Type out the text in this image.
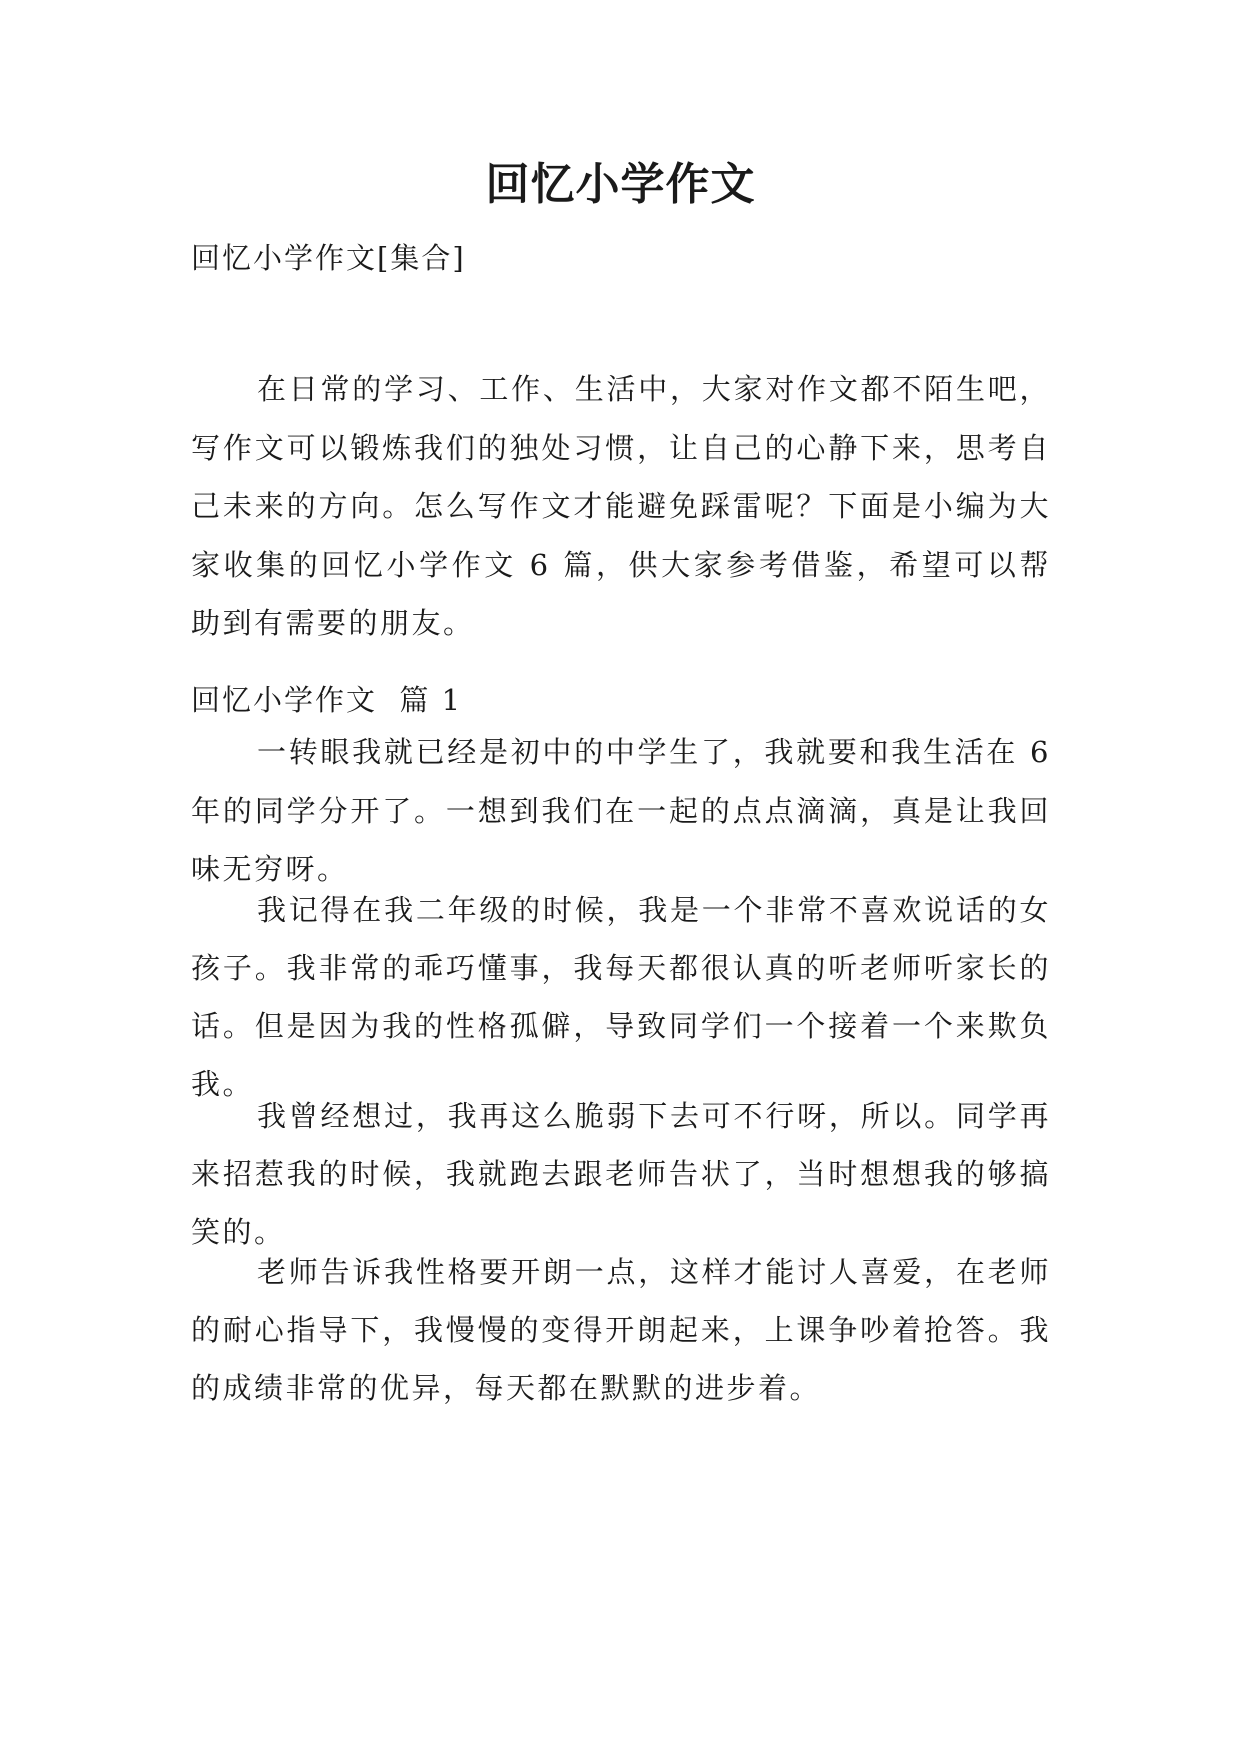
回忆小学作文

回忆小学作文[集合]

在日常的学习、工作、生活中，大家对作文都不陌生吧，写作文可以锻炼我们的独处习惯，让自己的心静下来，思考自己未来的方向。怎么写作文才能避免踩雷呢？下面是小编为大家收集的回忆小学作文 6 篇，供大家参考借鉴，希望可以帮助到有需要的朋友。

回忆小学作文  篇 1

一转眼我就已经是初中的中学生了，我就要和我生活在 6 年的同学分开了。一想到我们在一起的点点滴滴，真是让我回味无穷呀。

我记得在我二年级的时候，我是一个非常不喜欢说话的女孩子。我非常的乖巧懂事，我每天都很认真的听老师听家长的话。但是因为我的性格孤僻，导致同学们一个接着一个来欺负我。

我曾经想过，我再这么脆弱下去可不行呀，所以。同学再来招惹我的时候，我就跑去跟老师告状了，当时想想我的够搞笑的。

老师告诉我性格要开朗一点，这样才能讨人喜爱，在老师的耐心指导下，我慢慢的变得开朗起来，上课争吵着抢答。我的成绩非常的优异，每天都在默默的进步着。
